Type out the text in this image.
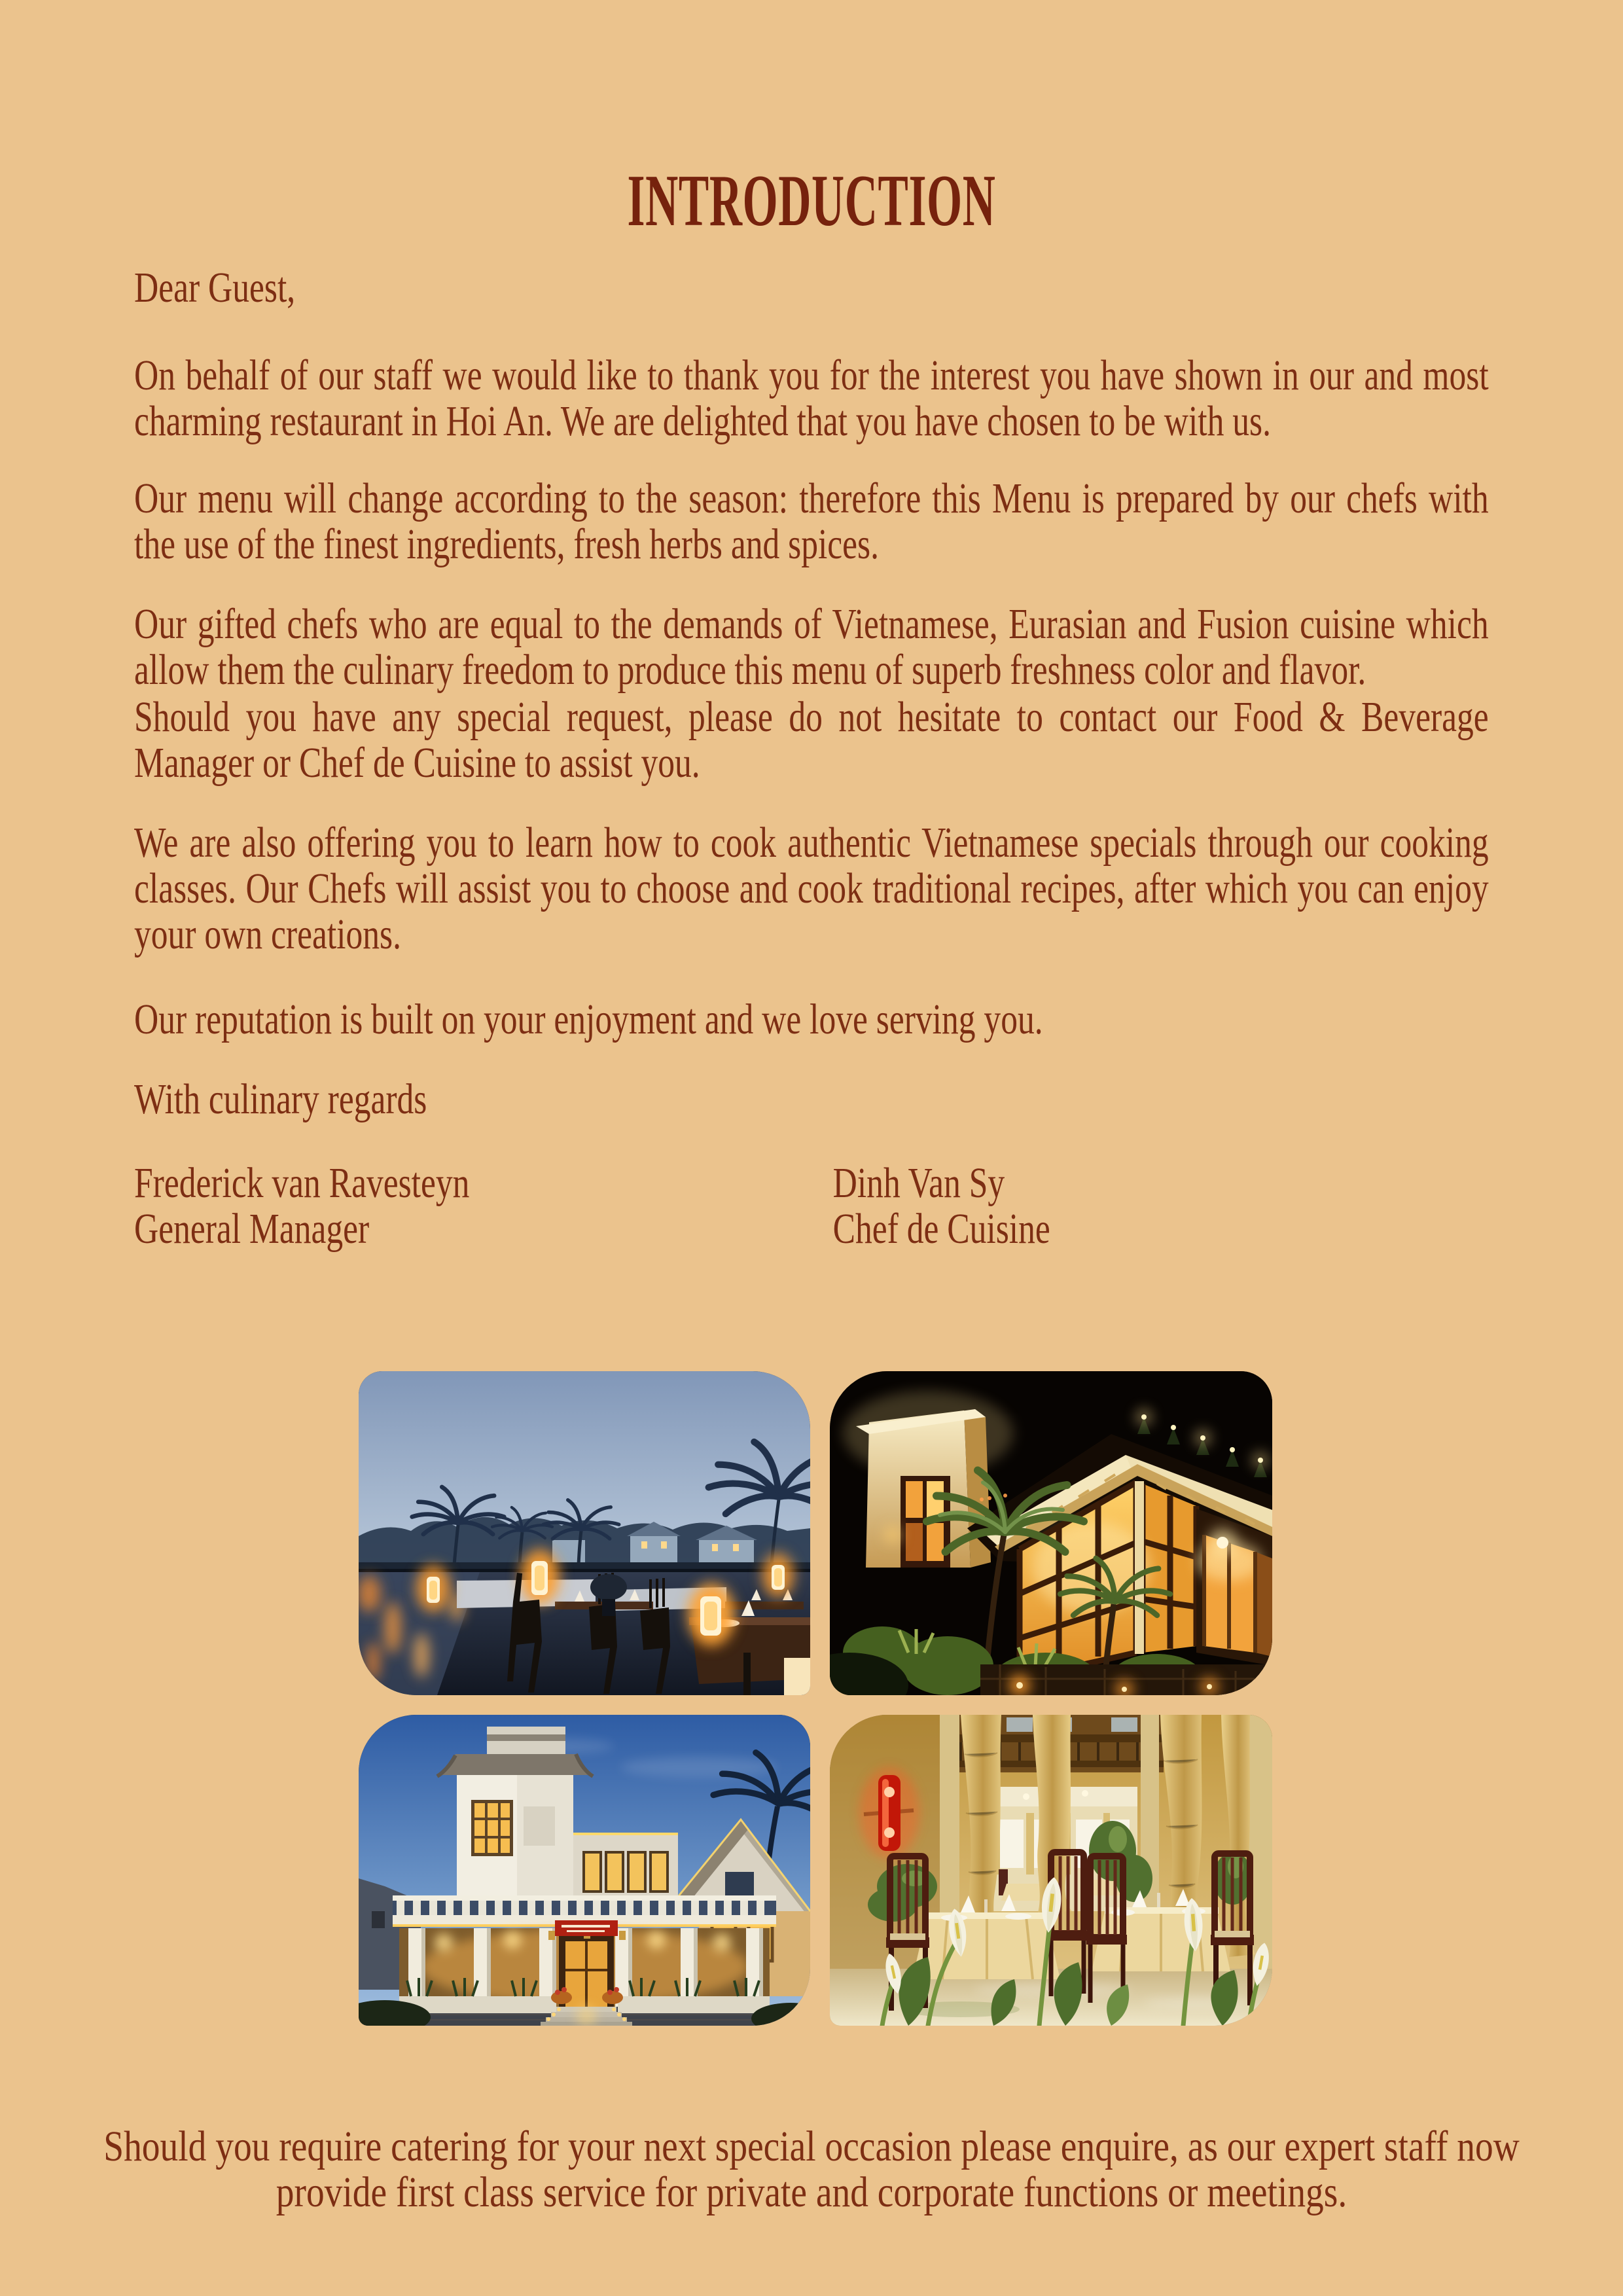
INTRODUCTION

Dear Guest,

On behalf of our staff we would like to thank you for the interest you have shown in our and most charming restaurant in Hoi An. We are delighted that you have chosen to be with us.

Our menu will change according to the season: therefore this Menu is prepared by our chefs with the use of the finest ingredients, fresh herbs and spices.

Our gifted chefs who are equal to the demands of Vietnamese, Eurasian and Fusion cuisine which allow them the culinary freedom to produce this menu of superb freshness color and flavor.

Should you have any special request, please do not hesitate to contact our Food & Beverage Manager or Chef de Cuisine to assist you.

We are also offering you to learn how to cook authentic Vietnamese specials through our cooking classes. Our Chefs will assist you to choose and cook traditional recipes, after which you can enjoy your own creations.

Our reputation is built on your enjoyment and we love serving you.

With culinary regards

Frederick van Ravesteyn
General Manager
Dinh Van Sy
Chef de Cuisine
Should you require catering for your next special occasion please enquire, as our expert staff now provide first class service for private and corporate functions or meetings.
